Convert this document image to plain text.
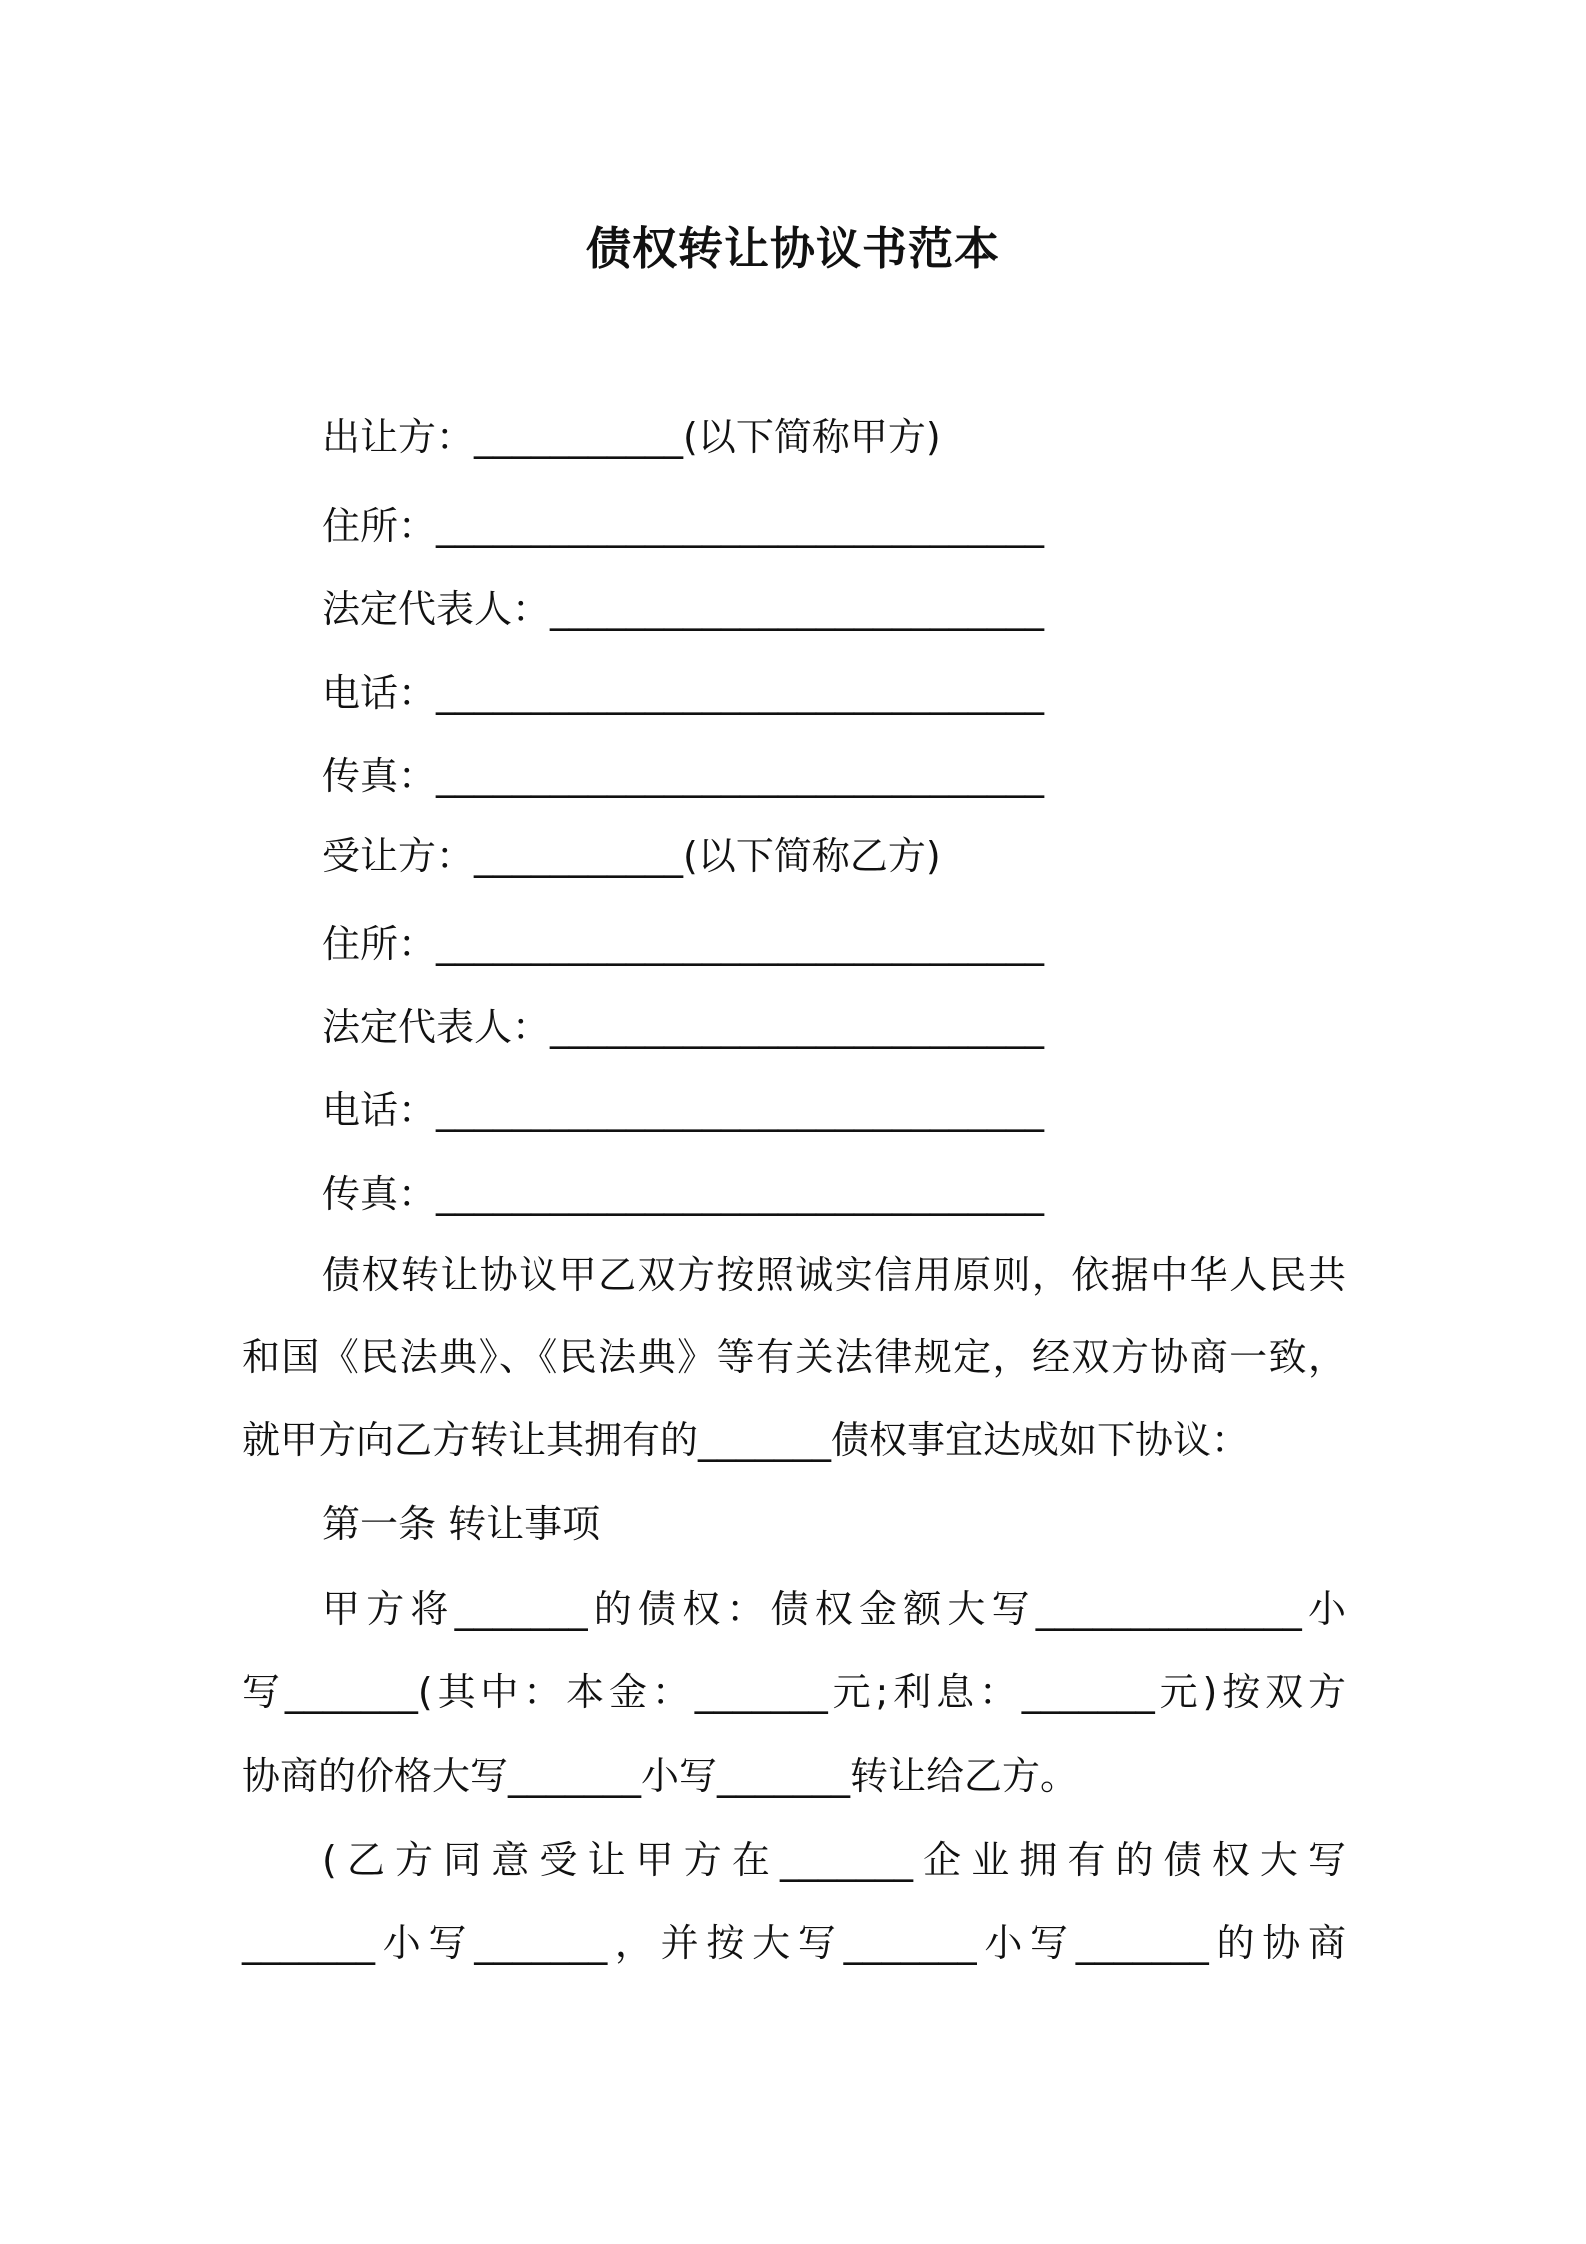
债权转让协议书范本
出让方：___________(以下简称甲方)
住所：________________________________
法定代表人：__________________________
电话：________________________________
传真：________________________________
受让方：___________(以下简称乙方)
住所：________________________________
法定代表人：__________________________
电话：________________________________
传真：________________________________
债权转让协议甲乙双方按照诚实信用原则，依据中华人民共
和国《民法典》、《民法典》等有关法律规定，经双方协商一致，
就甲方向乙方转让其拥有的_______债权事宜达成如下协议：
第一条 转让事项
甲方将_______的债权：债权金额大写______________小
写_______(其中：本金：_______元;利息：_______元)按双方
协商的价格大写_______小写_______转让给乙方。
(乙方同意受让甲方在_______企业拥有的债权大写
_______小写_______，并按大写_______小写_______的协商
